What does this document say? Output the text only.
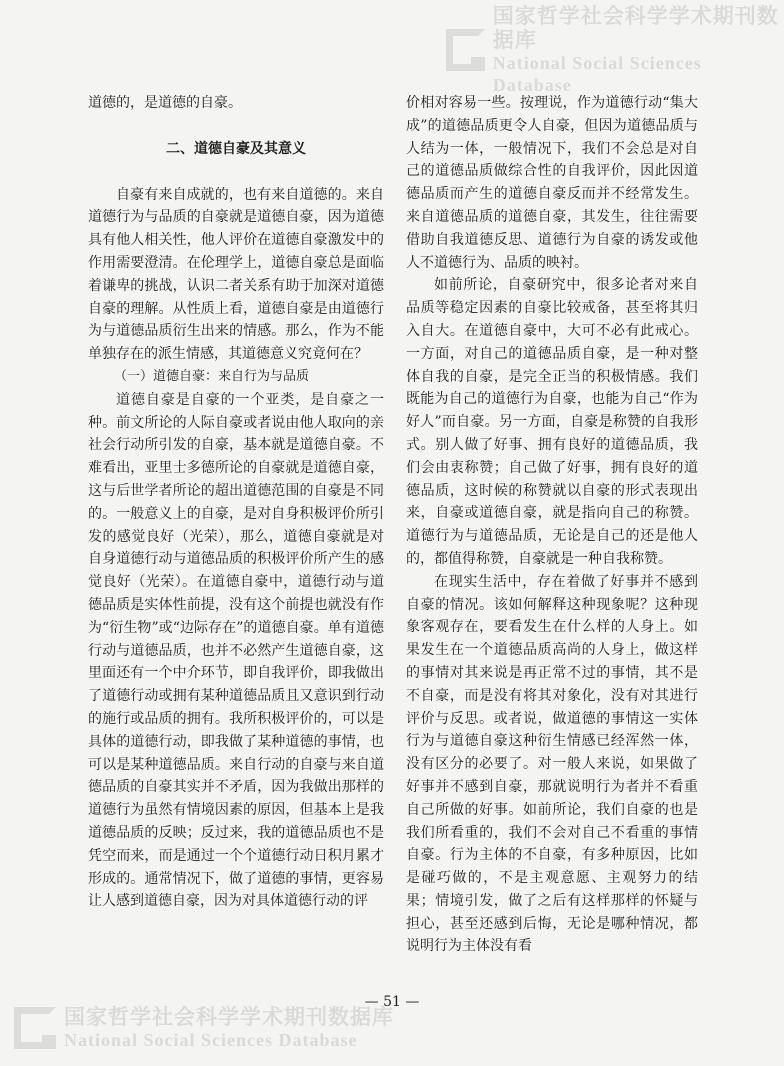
国家哲学社会科学学术期刊数据库
National Social Sciences Database

道德的，是道德的自豪。

二、道德自豪及其意义

自豪有来自成就的，也有来自道德的。来自道德行为与品质的自豪就是道德自豪，因为道德具有他人相关性，他人评价在道德自豪激发中的作用需要澄清。在伦理学上，道德自豪总是面临着谦卑的挑战，认识二者关系有助于加深对道德自豪的理解。从性质上看，道德自豪是由道德行为与道德品质衍生出来的情感。那么，作为不能单独存在的派生情感，其道德意义究竟何在？

（一）道德自豪：来自行为与品质

道德自豪是自豪的一个亚类，是自豪之一种。前文所论的人际自豪或者说由他人取向的亲社会行动所引发的自豪，基本就是道德自豪。不难看出，亚里士多德所论的自豪就是道德自豪，这与后世学者所论的超出道德范围的自豪是不同的。一般意义上的自豪，是对自身积极评价所引发的感觉良好（光荣），那么，道德自豪就是对自身道德行动与道德品质的积极评价所产生的感觉良好（光荣）。在道德自豪中，道德行动与道德品质是实体性前提，没有这个前提也就没有作为“衍生物”或“边际存在”的道德自豪。单有道德行动与道德品质，也并不必然产生道德自豪，这里面还有一个中介环节，即自我评价，即我做出了道德行动或拥有某种道德品质且又意识到行动的施行或品质的拥有。我所积极评价的，可以是具体的道德行动，即我做了某种道德的事情，也可以是某种道德品质。来自行动的自豪与来自道德品质的自豪其实并不矛盾，因为我做出那样的道德行为虽然有情境因素的原因，但基本上是我道德品质的反映；反过来，我的道德品质也不是凭空而来，而是通过一个个道德行动日积月累才形成的。通常情况下，做了道德的事情，更容易让人感到道德自豪，因为对具体道德行动的评

价相对容易一些。按理说，作为道德行动“集大成”的道德品质更令人自豪，但因为道德品质与人结为一体，一般情况下，我们不会总是对自己的道德品质做综合性的自我评价，因此因道德品质而产生的道德自豪反而并不经常发生。来自道德品质的道德自豪，其发生，往往需要借助自我道德反思、道德行为自豪的诱发或他人不道德行为、品质的映衬。

如前所论，自豪研究中，很多论者对来自品质等稳定因素的自豪比较戒备，甚至将其归入自大。在道德自豪中，大可不必有此戒心。一方面，对自己的道德品质自豪，是一种对整体自我的自豪，是完全正当的积极情感。我们既能为自己的道德行为自豪，也能为自己“作为好人”而自豪。另一方面，自豪是称赞的自我形式。别人做了好事、拥有良好的道德品质，我们会由衷称赞；自己做了好事，拥有良好的道德品质，这时候的称赞就以自豪的形式表现出来，自豪或道德自豪，就是指向自己的称赞。道德行为与道德品质，无论是自己的还是他人的，都值得称赞，自豪就是一种自我称赞。

在现实生活中，存在着做了好事并不感到自豪的情况。该如何解释这种现象呢？这种现象客观存在，要看发生在什么样的人身上。如果发生在一个道德品质高尚的人身上，做这样的事情对其来说是再正常不过的事情，其不是不自豪，而是没有将其对象化，没有对其进行评价与反思。或者说，做道德的事情这一实体行为与道德自豪这种衍生情感已经浑然一体，没有区分的必要了。对一般人来说，如果做了好事并不感到自豪，那就说明行为者并不看重自己所做的好事。如前所论，我们自豪的也是我们所看重的，我们不会对自己不看重的事情自豪。行为主体的不自豪，有多种原因，比如是碰巧做的，不是主观意愿、主观努力的结果；情境引发，做了之后有这样那样的怀疑与担心，甚至还感到后悔，无论是哪种情况，都说明行为主体没有看

— 51 —
国家哲学社会科学学术期刊数据库
National Social Sciences Database
